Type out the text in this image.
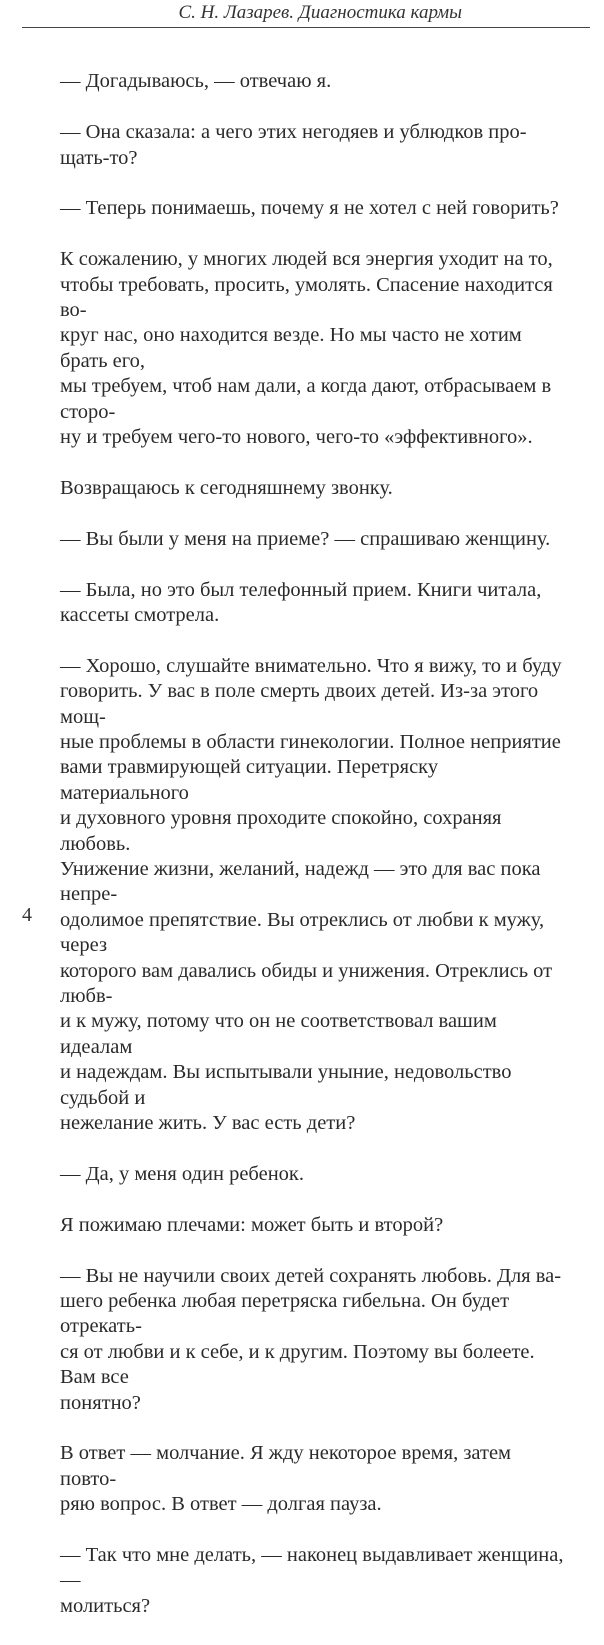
С. Н. Лазарев. Диагностика кармы

— Догадываюсь, — отвечаю я.

— Она сказала: а чего этих негодяев и ублюдков про-
щать-то?

— Теперь понимаешь, почему я не хотел с ней говорить?

К сожалению, у многих людей вся энергия уходит на то,
чтобы требовать, просить, умолять. Спасение находится во-
круг нас, оно находится везде. Но мы часто не хотим брать его,
мы требуем, чтоб нам дали, а когда дают, отбрасываем в сторо-
ну и требуем чего-то нового, чего-то «эффективного».

Возвращаюсь к сегодняшнему звонку.

— Вы были у меня на приеме? — спрашиваю женщину.

— Была, но это был телефонный прием. Книги читала,
кассеты смотрела.

— Хорошо, слушайте внимательно. Что я вижу, то и буду
говорить. У вас в поле смерть двоих детей. Из-за этого мощ-
ные проблемы в области гинекологии. Полное неприятие
вами травмирующей ситуации. Перетряску материального
и духовного уровня проходите спокойно, сохраняя любовь.
Унижение жизни, желаний, надежд — это для вас пока непре-
одолимое препятствие. Вы отреклись от любви к мужу, через
которого вам давались обиды и унижения. Отреклись от любв-
и к мужу, потому что он не соответствовал вашим идеалам
и надеждам. Вы испытывали уныние, недовольство судьбой и
нежелание жить. У вас есть дети?

— Да, у меня один ребенок.

Я пожимаю плечами: может быть и второй?

— Вы не научили своих детей сохранять любовь. Для ва-
шего ребенка любая перетряска гибельна. Он будет отрекать-
ся от любви и к себе, и к другим. Поэтому вы болеете. Вам все
понятно?

В ответ — молчание. Я жду некоторое время, затем повто-
ряю вопрос. В ответ — долгая пауза.

— Так что мне делать, — наконец выдавливает женщина, —
молиться?

4
